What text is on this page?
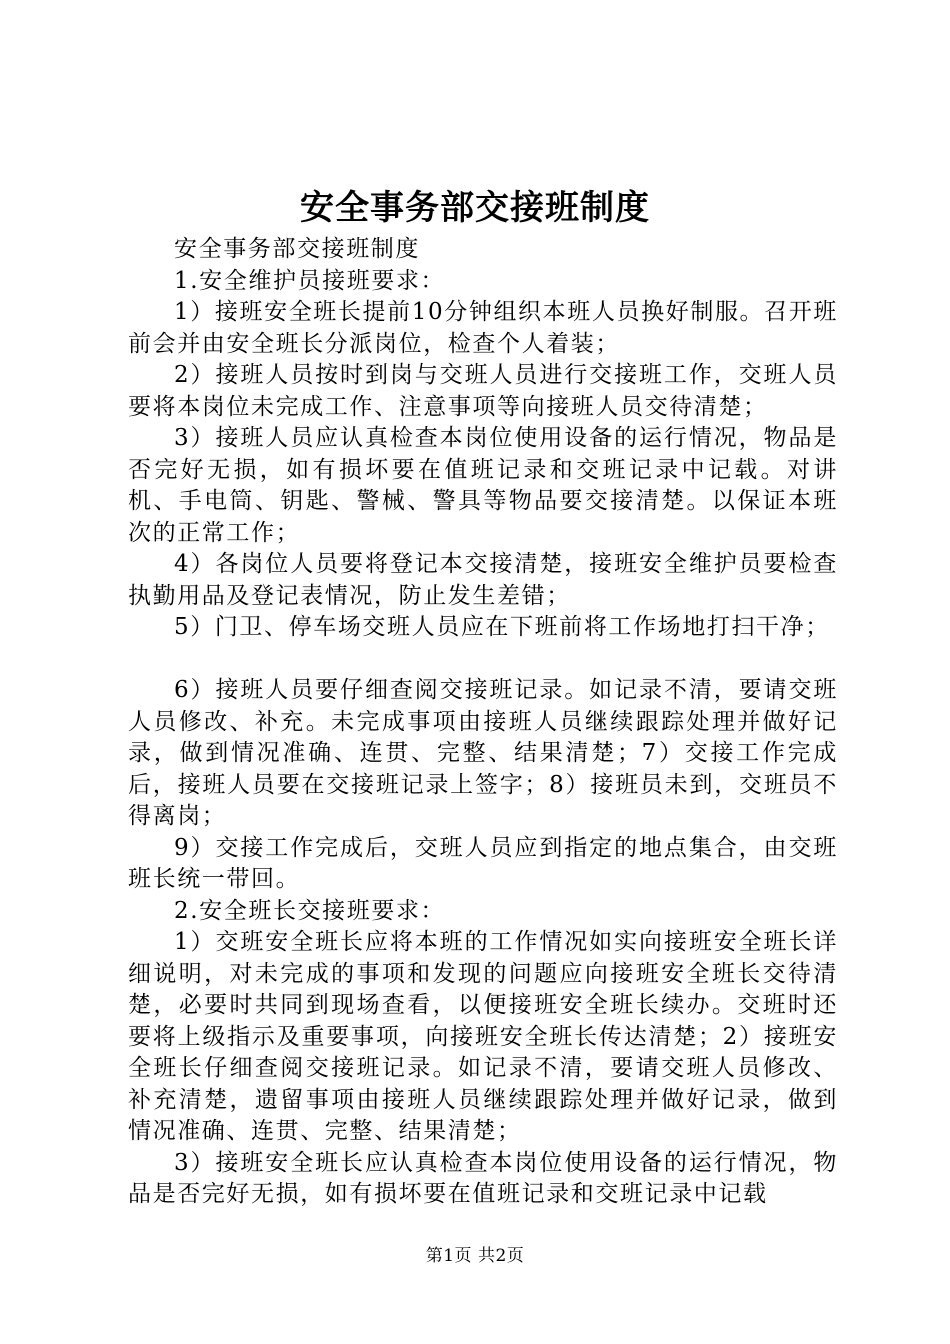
安全事务部交接班制度

安全事务部交接班制度

1.安全维护员接班要求：

1）接班安全班长提前10分钟组织本班人员换好制服。召开班前会并由安全班长分派岗位，检查个人着装；

2）接班人员按时到岗与交班人员进行交接班工作，交班人员要将本岗位未完成工作、注意事项等向接班人员交待清楚；

3）接班人员应认真检查本岗位使用设备的运行情况，物品是否完好无损，如有损坏要在值班记录和交班记录中记载。对讲机、手电筒、钥匙、警械、警具等物品要交接清楚。以保证本班次的正常工作；

4）各岗位人员要将登记本交接清楚，接班安全维护员要检查执勤用品及登记表情况，防止发生差错；

5）门卫、停车场交班人员应在下班前将工作场地打扫干净；

6）接班人员要仔细查阅交接班记录。如记录不清，要请交班人员修改、补充。未完成事项由接班人员继续跟踪处理并做好记录，做到情况准确、连贯、完整、结果清楚；7）交接工作完成后，接班人员要在交接班记录上签字；8）接班员未到，交班员不得离岗；

9）交接工作完成后，交班人员应到指定的地点集合，由交班班长统一带回。

2.安全班长交接班要求：

1）交班安全班长应将本班的工作情况如实向接班安全班长详细说明，对未完成的事项和发现的问题应向接班安全班长交待清楚，必要时共同到现场查看，以便接班安全班长续办。交班时还要将上级指示及重要事项，向接班安全班长传达清楚；2）接班安全班长仔细查阅交接班记录。如记录不清，要请交班人员修改、补充清楚，遗留事项由接班人员继续跟踪处理并做好记录，做到情况准确、连贯、完整、结果清楚；

3）接班安全班长应认真检查本岗位使用设备的运行情况，物品是否完好无损，如有损坏要在值班记录和交班记录中记载

第1页 共2页
